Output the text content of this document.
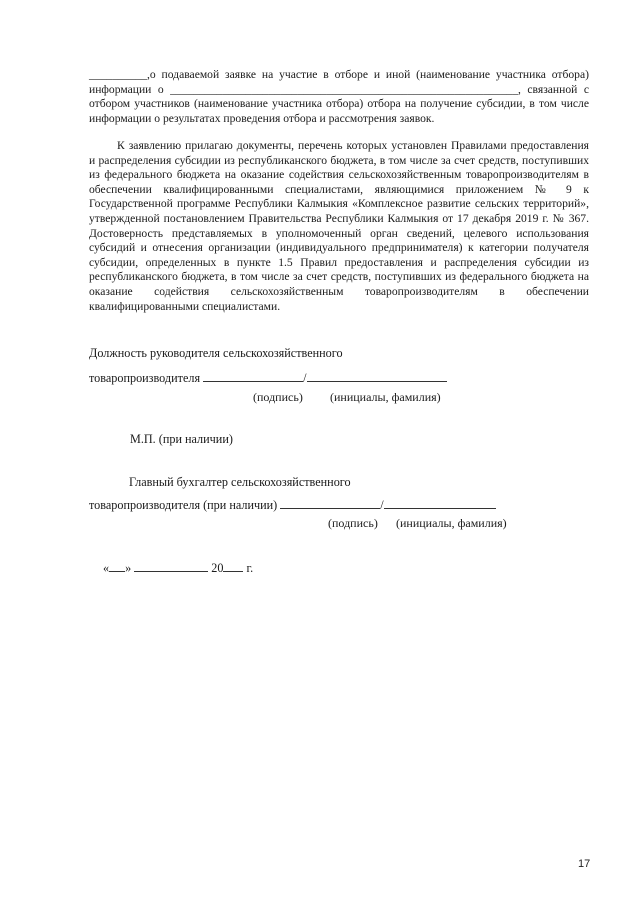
__________,о подаваемой заявке на участие в отборе и иной (наименование участника отбора) информации о ____________________________________________________________, связанной с отбором участников (наименование участника отбора) отбора на получение субсидии, в том числе информации о результатах проведения отбора и рассмотрения заявок.
К заявлению прилагаю документы, перечень которых установлен Правилами предоставления и распределения субсидии из республиканского бюджета, в том числе за счет средств, поступивших из федерального бюджета на оказание содействия сельскохозяйственным товаропроизводителям в обеспечении квалифицированными специалистами, являющимися приложением № 9 к Государственной программе Республики Калмыкия «Комплексное развитие сельских территорий», утвержденной постановлением Правительства Республики Калмыкия от 17 декабря 2019 г. № 367. Достоверность представляемых в уполномоченный орган сведений, целевого использования субсидий и отнесения организации (индивидуального предпринимателя) к категории получателя субсидии, определенных в пункте 1.5 Правил предоставления и распределения субсидии из республиканского бюджета, в том числе за счет средств, поступивших из федерального бюджета на оказание содействия сельскохозяйственным товаропроизводителям в обеспечении квалифицированными специалистами.
Должность руководителя сельскохозяйственного
товаропроизводителя	/
(подпись) (инициалы, фамилия)
М.П. (при наличии)
Главный бухгалтер сельскохозяйственного
товаропроизводителя (при наличии)	/
(подпись) (инициалы, фамилия)
« »	20 г.
17
